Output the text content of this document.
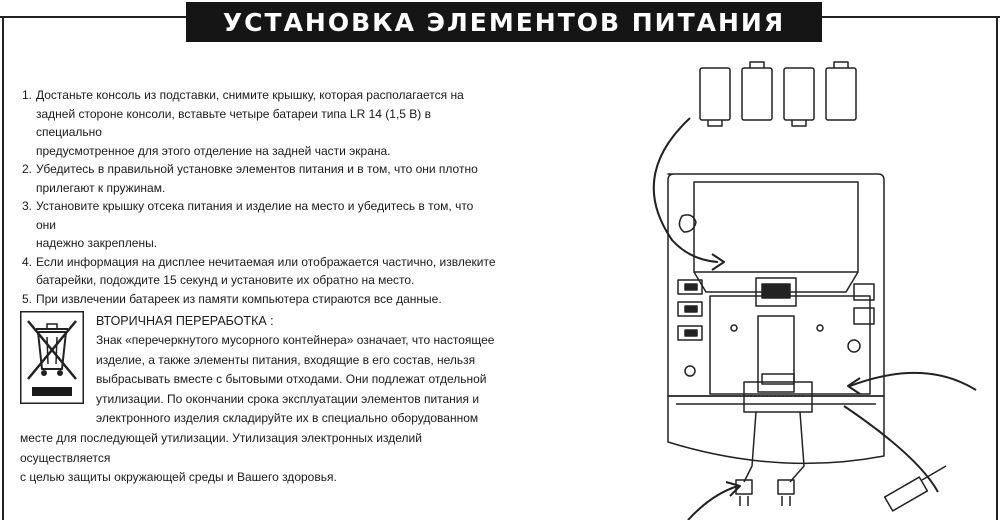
УСТАНОВКА ЭЛЕМЕНТОВ ПИТАНИЯ
1. Достаньте консоль из подставки, снимите крышку, которая располагается на
задней стороне консоли, вставьте четыре батареи типа LR 14 (1,5 В) в специально
предусмотренное для этого отделение на задней части экрана.
2. Убедитесь в правильной установке элементов питания и в том, что они плотно
прилегают к пружинам.
3. Установите крышку отсека питания и изделие на место и убедитесь в том, что они
надежно закреплены.
4. Если информация на дисплее нечитаемая или отображается частично, извлеките
батарейки, подождите 15 секунд и установите их обратно на место.
5. При извлечении батареек из памяти компьютера стираются все данные.
ВТОРИЧНАЯ ПЕРЕРАБОТКА :
Знак «перечеркнутого мусорного контейнера» означает, что настоящее
изделие, а также элементы питания, входящие в его состав, нельзя
выбрасывать вместе с бытовыми отходами. Они подлежат отдельной
утилизации. По окончании срока эксплуатации элементов питания и
электронного изделия складируйте их в специально оборудованном
месте для последующей утилизации. Утилизация электронных изделий осуществляется
с целью защиты окружающей среды и Вашего здоровья.
